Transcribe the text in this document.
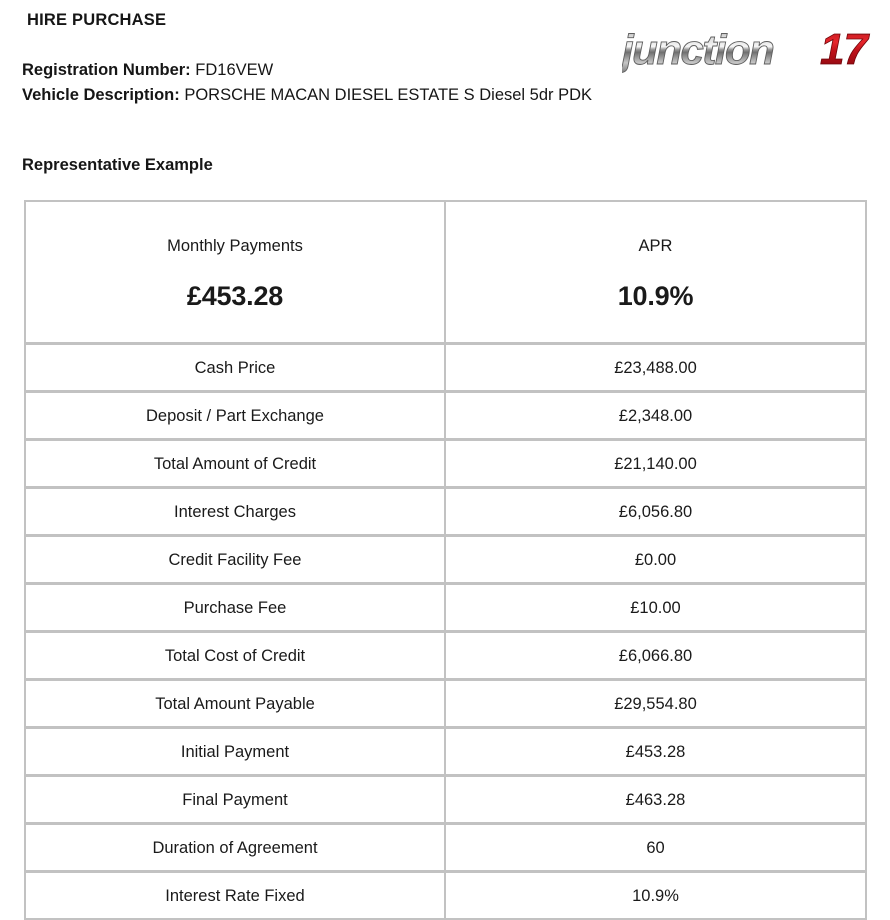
HIRE PURCHASE
Registration Number: FD16VEW
Vehicle Description: PORSCHE MACAN DIESEL ESTATE S Diesel 5dr PDK
Representative Example
junction 17
Monthly Payments
£453.28

APR
10.9%

Cash Price	£23,488.00
Deposit / Part Exchange	£2,348.00
Total Amount of Credit	£21,140.00
Interest Charges	£6,056.80
Credit Facility Fee	£0.00
Purchase Fee	£10.00
Total Cost of Credit	£6,066.80
Total Amount Payable	£29,554.80
Initial Payment	£453.28
Final Payment	£463.28
Duration of Agreement	60
Interest Rate Fixed	10.9%
